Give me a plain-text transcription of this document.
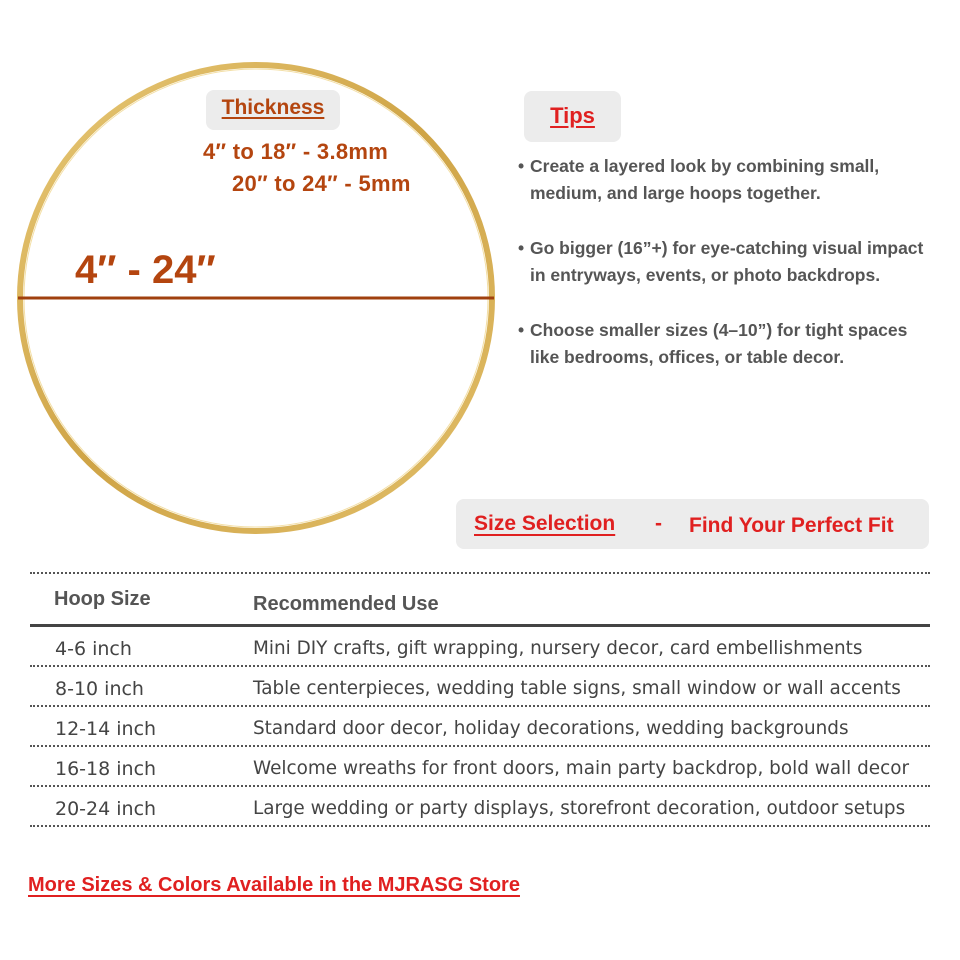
Thickness
4″ to 18″ - 3.8mm
20″ to 24″ - 5mm
4″ - 24″
Tips
• Create a layered look by combining small,
medium, and large hoops together.
• Go bigger (16”+) for eye-catching visual impact
in entryways, events, or photo backdrops.
• Choose smaller sizes (4–10”) for tight spaces
like bedrooms, offices, or table decor.
Size Selection - Find Your Perfect Fit
Hoop Size	Recommended Use
4-6 inch	Mini DIY crafts, gift wrapping, nursery decor, card embellishments
8-10 inch	Table centerpieces, wedding table signs, small window or wall accents
12-14 inch	Standard door decor, holiday decorations, wedding backgrounds
16-18 inch	Welcome wreaths for front doors, main party backdrop, bold wall decor
20-24 inch	Large wedding or party displays, storefront decoration, outdoor setups
More Sizes & Colors Available in the MJRASG Store
